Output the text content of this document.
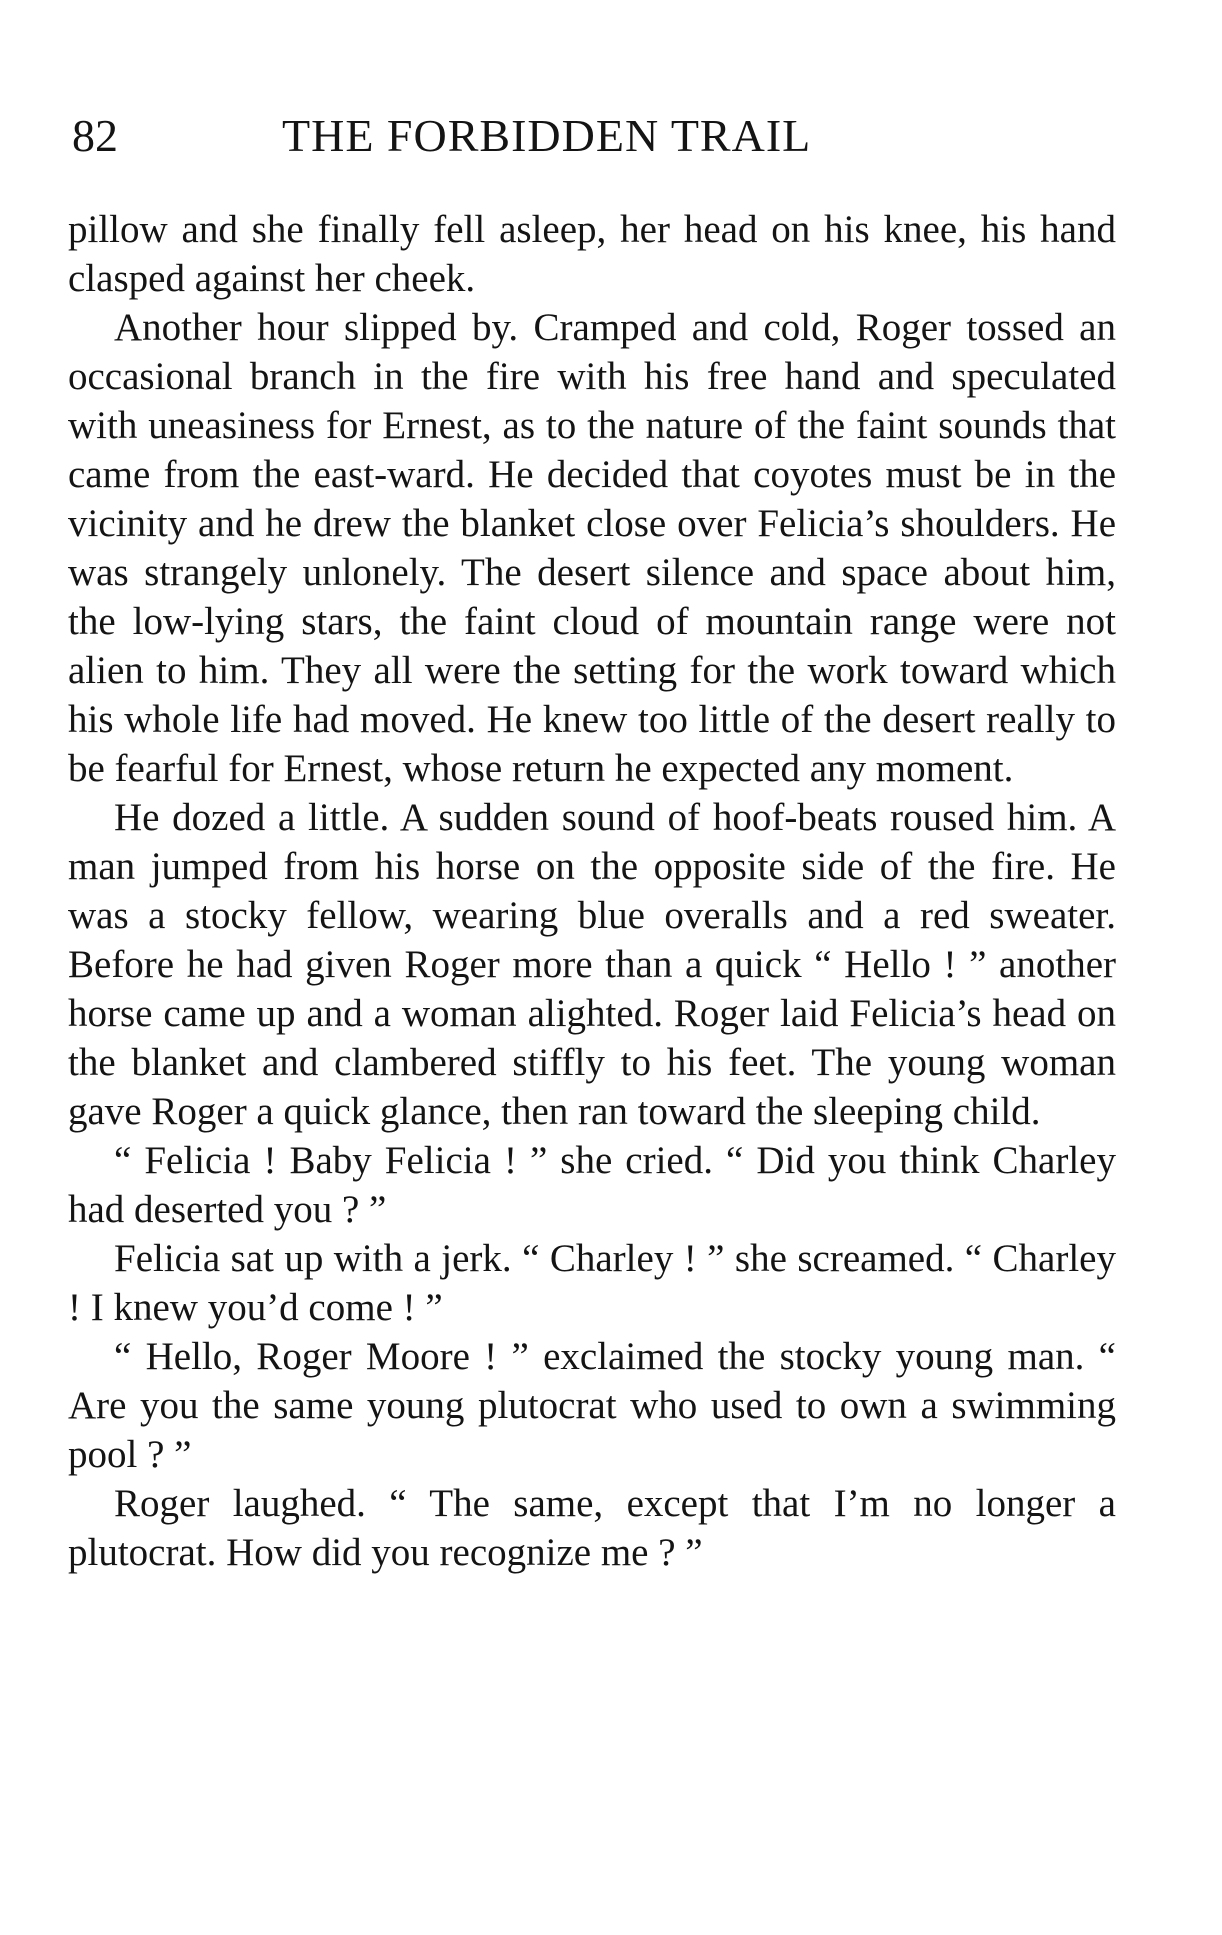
82	THE FORBIDDEN TRAIL

pillow and she finally fell asleep, her head on his knee, his hand clasped against her cheek.

Another hour slipped by. Cramped and cold, Roger tossed an occasional branch in the fire with his free hand and speculated with uneasiness for Ernest, as to the nature of the faint sounds that came from the east-ward. He decided that coyotes must be in the vicinity and he drew the blanket close over Felicia’s shoulders. He was strangely unlonely. The desert silence and space about him, the low-lying stars, the faint cloud of mountain range were not alien to him. They all were the setting for the work toward which his whole life had moved. He knew too little of the desert really to be fearful for Ernest, whose return he expected any moment.

He dozed a little. A sudden sound of hoof-beats roused him. A man jumped from his horse on the opposite side of the fire. He was a stocky fellow, wearing blue overalls and a red sweater. Before he had given Roger more than a quick “ Hello ! ” another horse came up and a woman alighted. Roger laid Felicia’s head on the blanket and clambered stiffly to his feet. The young woman gave Roger a quick glance, then ran toward the sleeping child.

“ Felicia ! Baby Felicia ! ” she cried. “ Did you think Charley had deserted you ? ”

Felicia sat up with a jerk. “ Charley ! ” she screamed. “ Charley ! I knew you’d come ! ”

“ Hello, Roger Moore ! ” exclaimed the stocky young man. “ Are you the same young plutocrat who used to own a swimming pool ? ”

Roger laughed. “ The same, except that I’m no longer a plutocrat. How did you recognize me ? ”
